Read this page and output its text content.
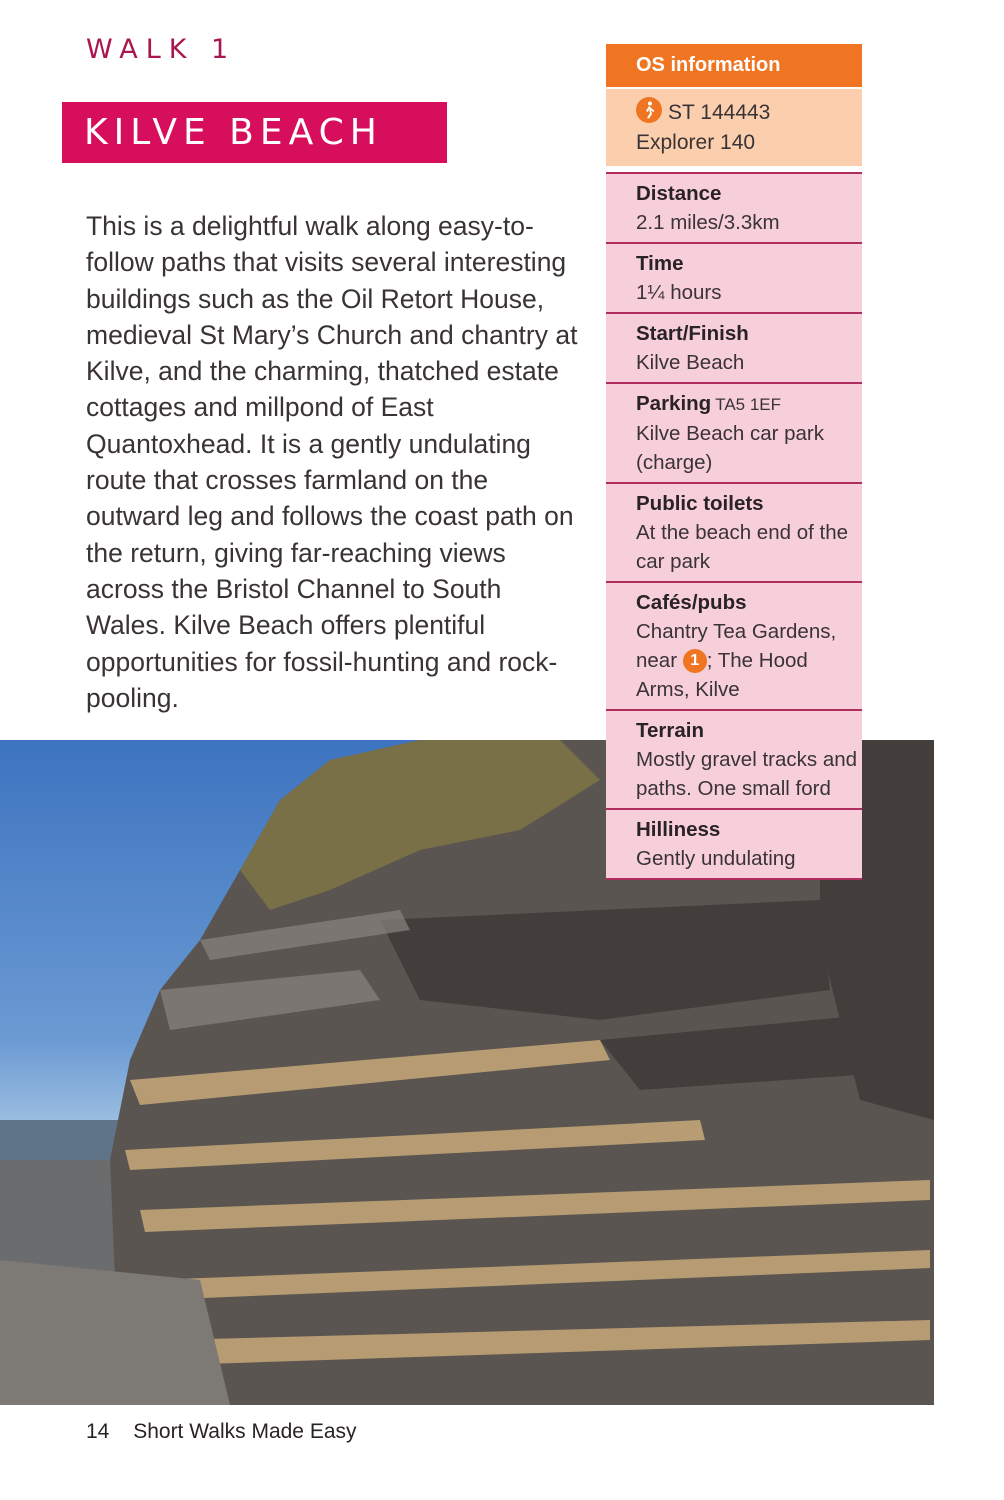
WALK 1
KILVE BEACH

This is a delightful walk along easy-to-follow paths that visits several interesting buildings such as the Oil Retort House, medieval St Mary’s Church and chantry at Kilve, and the charming, thatched estate cottages and millpond of East Quantoxhead. It is a gently undulating route that crosses farmland on the outward leg and follows the coast path on the return, giving far-reaching views across the Bristol Channel to South Wales. Kilve Beach offers plentiful opportunities for fossil-hunting and rock-pooling.

OS information
ST 144443
Explorer 140
Distance
2.1 miles/3.3km
Time
1¼ hours
Start/Finish
Kilve Beach
Parking TA5 1EF
Kilve Beach car park (charge)
Public toilets
At the beach end of the car park
Cafés/pubs
Chantry Tea Gardens, near 1 ; The Hood Arms, Kilve
Terrain
Mostly gravel tracks and paths. One small ford
Hilliness
Gently undulating
14 Short Walks Made Easy
